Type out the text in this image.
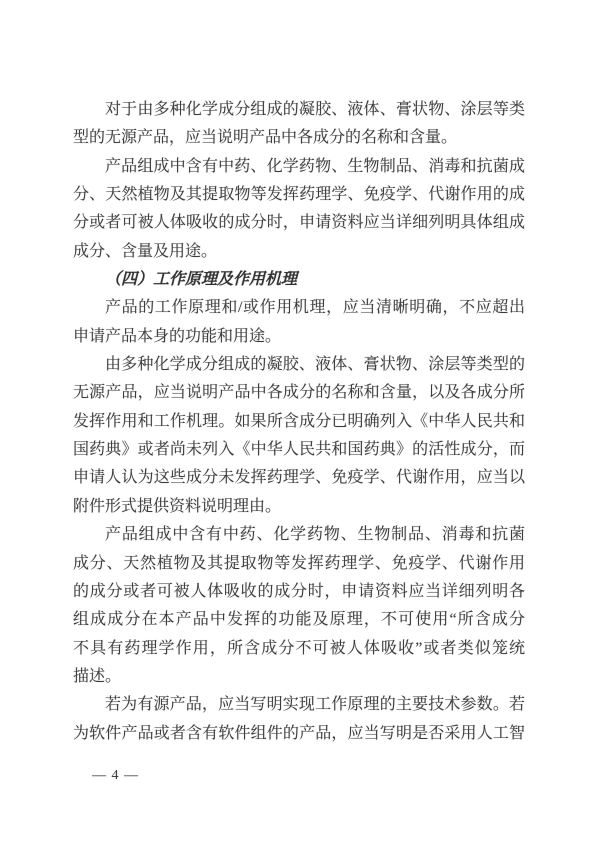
对于由多种化学成分组成的凝胶、液体、膏状物、涂层等类
型的无源产品，应当说明产品中各成分的名称和含量。
产品组成中含有中药、化学药物、生物制品、消毒和抗菌成
分、天然植物及其提取物等发挥药理学、免疫学、代谢作用的成
分或者可被人体吸收的成分时，申请资料应当详细列明具体组成
成分、含量及用途。
（四）工作原理及作用机理
产品的工作原理和/或作用机理，应当清晰明确，不应超出
申请产品本身的功能和用途。
由多种化学成分组成的凝胶、液体、膏状物、涂层等类型的
无源产品，应当说明产品中各成分的名称和含量，以及各成分所
发挥作用和工作机理。如果所含成分已明确列入《中华人民共和
国药典》或者尚未列入《中华人民共和国药典》的活性成分，而
申请人认为这些成分未发挥药理学、免疫学、代谢作用，应当以
附件形式提供资料说明理由。
产品组成中含有中药、化学药物、生物制品、消毒和抗菌
成分、天然植物及其提取物等发挥药理学、免疫学、代谢作用
的成分或者可被人体吸收的成分时，申请资料应当详细列明各
组成成分在本产品中发挥的功能及原理，不可使用“所含成分
不具有药理学作用，所含成分不可被人体吸收”或者类似笼统
描述。
若为有源产品，应当写明实现工作原理的主要技术参数。若
为软件产品或者含有软件组件的产品，应当写明是否采用人工智
— 4 —
